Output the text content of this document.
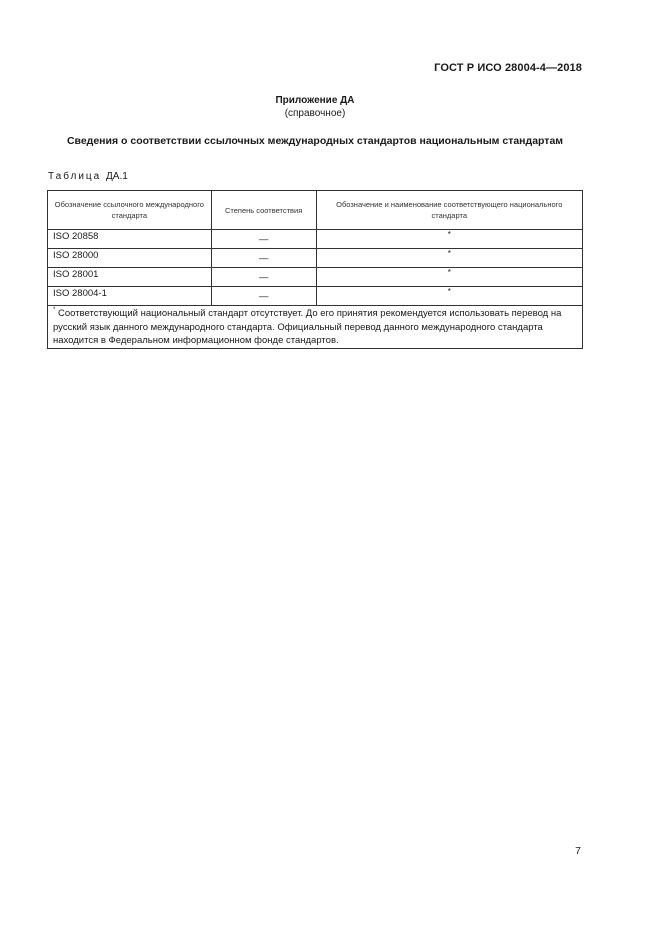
ГОСТ Р ИСО 28004-4—2018
Приложение ДА
(справочное)
Сведения о соответствии ссылочных международных стандартов национальным стандартам
Таблица ДА.1
Обозначение ссылочного международного стандарта	Степень соответствия	Обозначение и наименование соответствующего национального стандарта
ISO 20858	—	*
ISO 28000	—	*
ISO 28001	—	*
ISO 28004-1	—	*
* Соответствующий национальный стандарт отсутствует. До его принятия рекомендуется использовать перевод на русский язык данного международного стандарта. Официальный перевод данного международного стандарта находится в Федеральном информационном фонде стандартов.		
7
